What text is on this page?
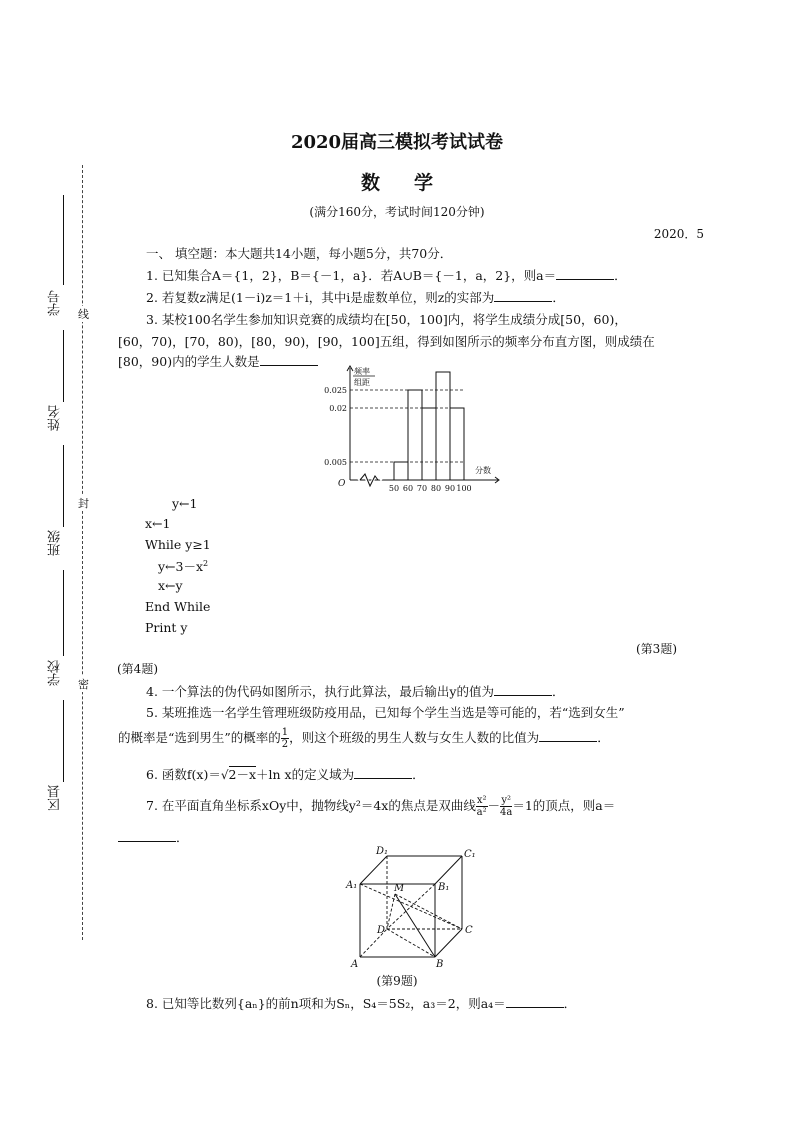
学号
姓名
班级
学校
区县
线
封
密
2020届高三模拟考试试卷
数学
(满分160分，考试时间120分钟)
2020．5
一、 填空题：本大题共14小题，每小题5分，共70分．
1. 已知集合A＝{1，2}，B＝{－1，a}．若A∪B＝{－1，a，2}，则a＝	．
2. 若复数z满足(1－i)z＝1＋i，其中i是虚数单位，则z的实部为	．
3. 某校100名学生参加知识竞赛的成绩均在[50，100]内，将学生成绩分成[50，60)，
[60，70)，[70，80)，[80，90)，[90，100]五组，得到如图所示的频率分布直方图，则成绩在
[80，90)内的学生人数是
0.025
0.02
0.005
50 60 70 80 90 100
频率
组距
分数
O
y←1
x←1
While y≥1
$y\leftarrow 3-x^2$
x←y
End While
Print y
(第3题)
(第4题)
4. 一个算法的伪代码如图所示，执行此算法，最后输出y的值为	．
5. 某班推选一名学生管理班级防疫用品，已知每个学生当选是等可能的，若“选到女生”
的概率是“选到男生”的概率的 $\frac{1}{2}$ ，则这个班级的男生人数与女生人数的比值为	．
6. 函数f(x)＝√2－x＋ln x的定义域为	．
7. 在平面直角坐标系xOy中，抛物线y²＝4x的焦点是双曲线 $\frac{\text{x²}}{\text{a²}} - \frac{\text{y²}}{4a} =1$的顶点，则a＝
．
D₁	C₁
A₁	B₁
M
D	C
A	B
(第9题)
8. 已知等比数列{aₙ}的前n项和为Sₙ，S₄＝5S₂，a₃＝2，则a₄＝	．
